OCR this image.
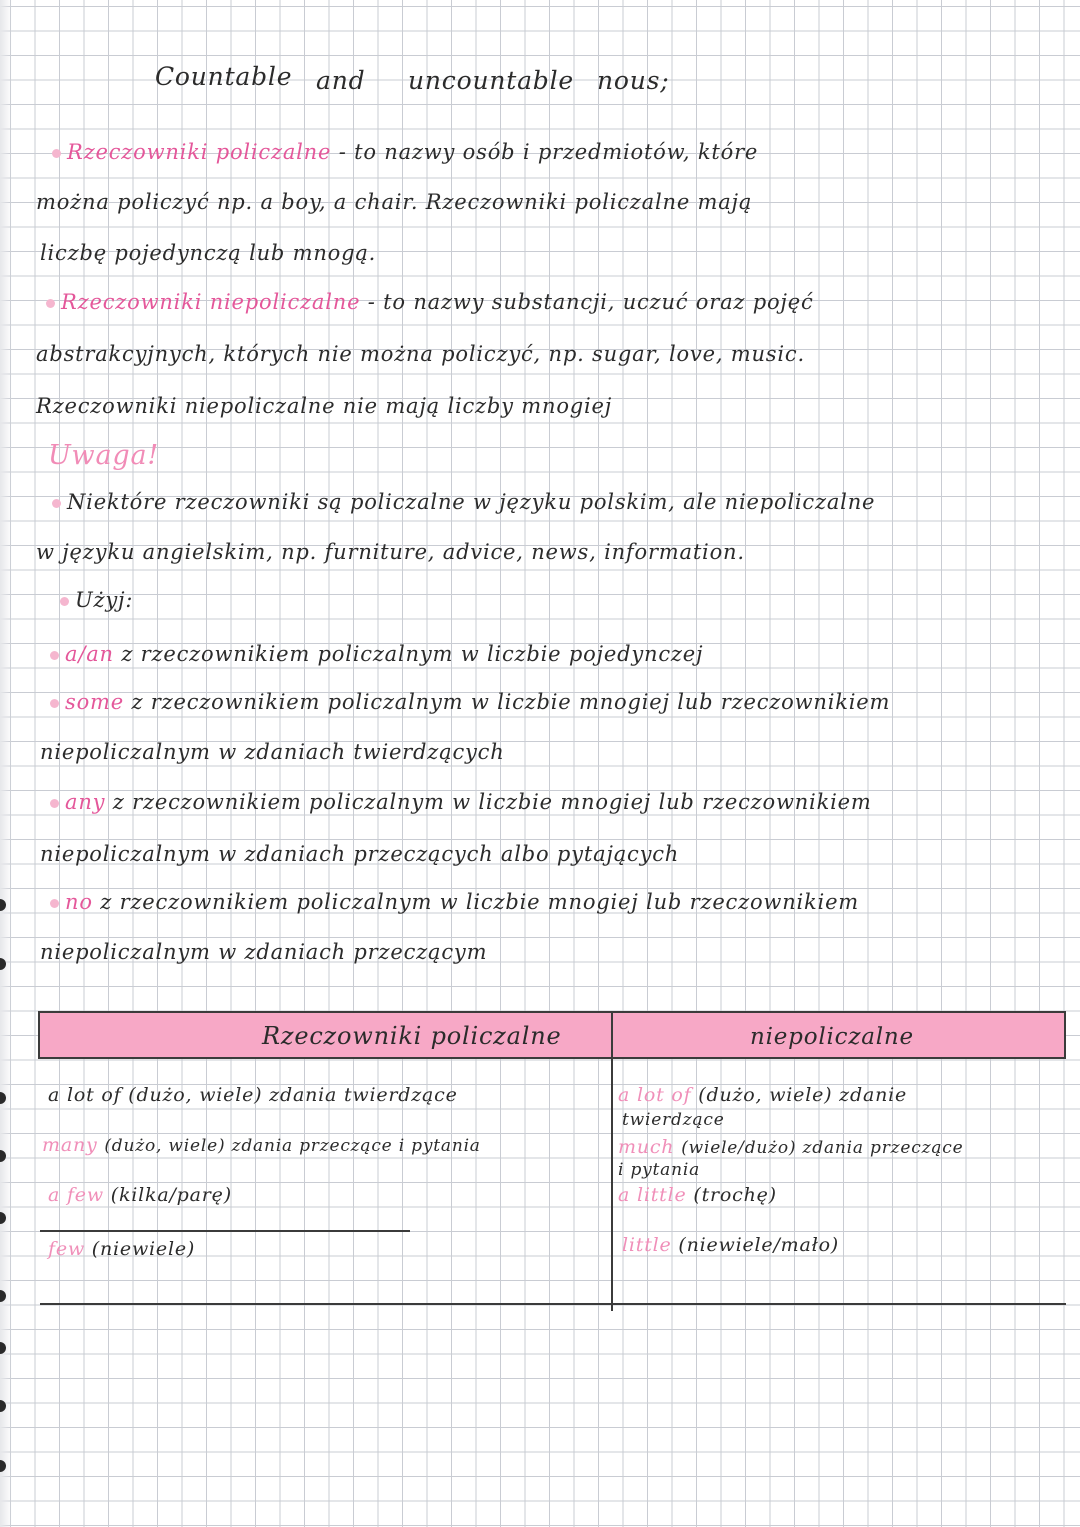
Countable and uncountable nous;
Rzeczowniki policzalne - to nazwy osób i przedmiotów, które
można policzyć np. a boy, a chair. Rzeczowniki policzalne mają
liczbę pojedynczą lub mnogą.
Rzeczowniki niepoliczalne - to nazwy substancji, uczuć oraz pojęć
abstrakcyjnych, których nie można policzyć, np. sugar, love, music.
Rzeczowniki niepoliczalne nie mają liczby mnogiej
Uwaga!
Niektóre rzeczowniki są policzalne w języku polskim, ale niepoliczalne
w języku angielskim, np. furniture, advice, news, information.
Użyj:
a/an z rzeczownikiem policzalnym w liczbie pojedynczej
some z rzeczownikiem policzalnym w liczbie mnogiej lub rzeczownikiem
niepoliczalnym w zdaniach twierdzących
any z rzeczownikiem policzalnym w liczbie mnogiej lub rzeczownikiem
niepoliczalnym w zdaniach przeczących albo pytających
no z rzeczownikiem policzalnym w liczbie mnogiej lub rzeczownikiem
niepoliczalnym w zdaniach przeczącym
Rzeczowniki policzalne	niepoliczalne
a lot of (dużo, wiele) zdania twierdzące	a lot of (dużo, wiele) zdanie
twierdzące
many (dużo, wiele) zdania przeczące i pytania	much (wiele/dużo) zdania przeczące
i pytania
a few (kilka/parę)	a little (trochę)
few (niewiele)	little (niewiele/mało)
